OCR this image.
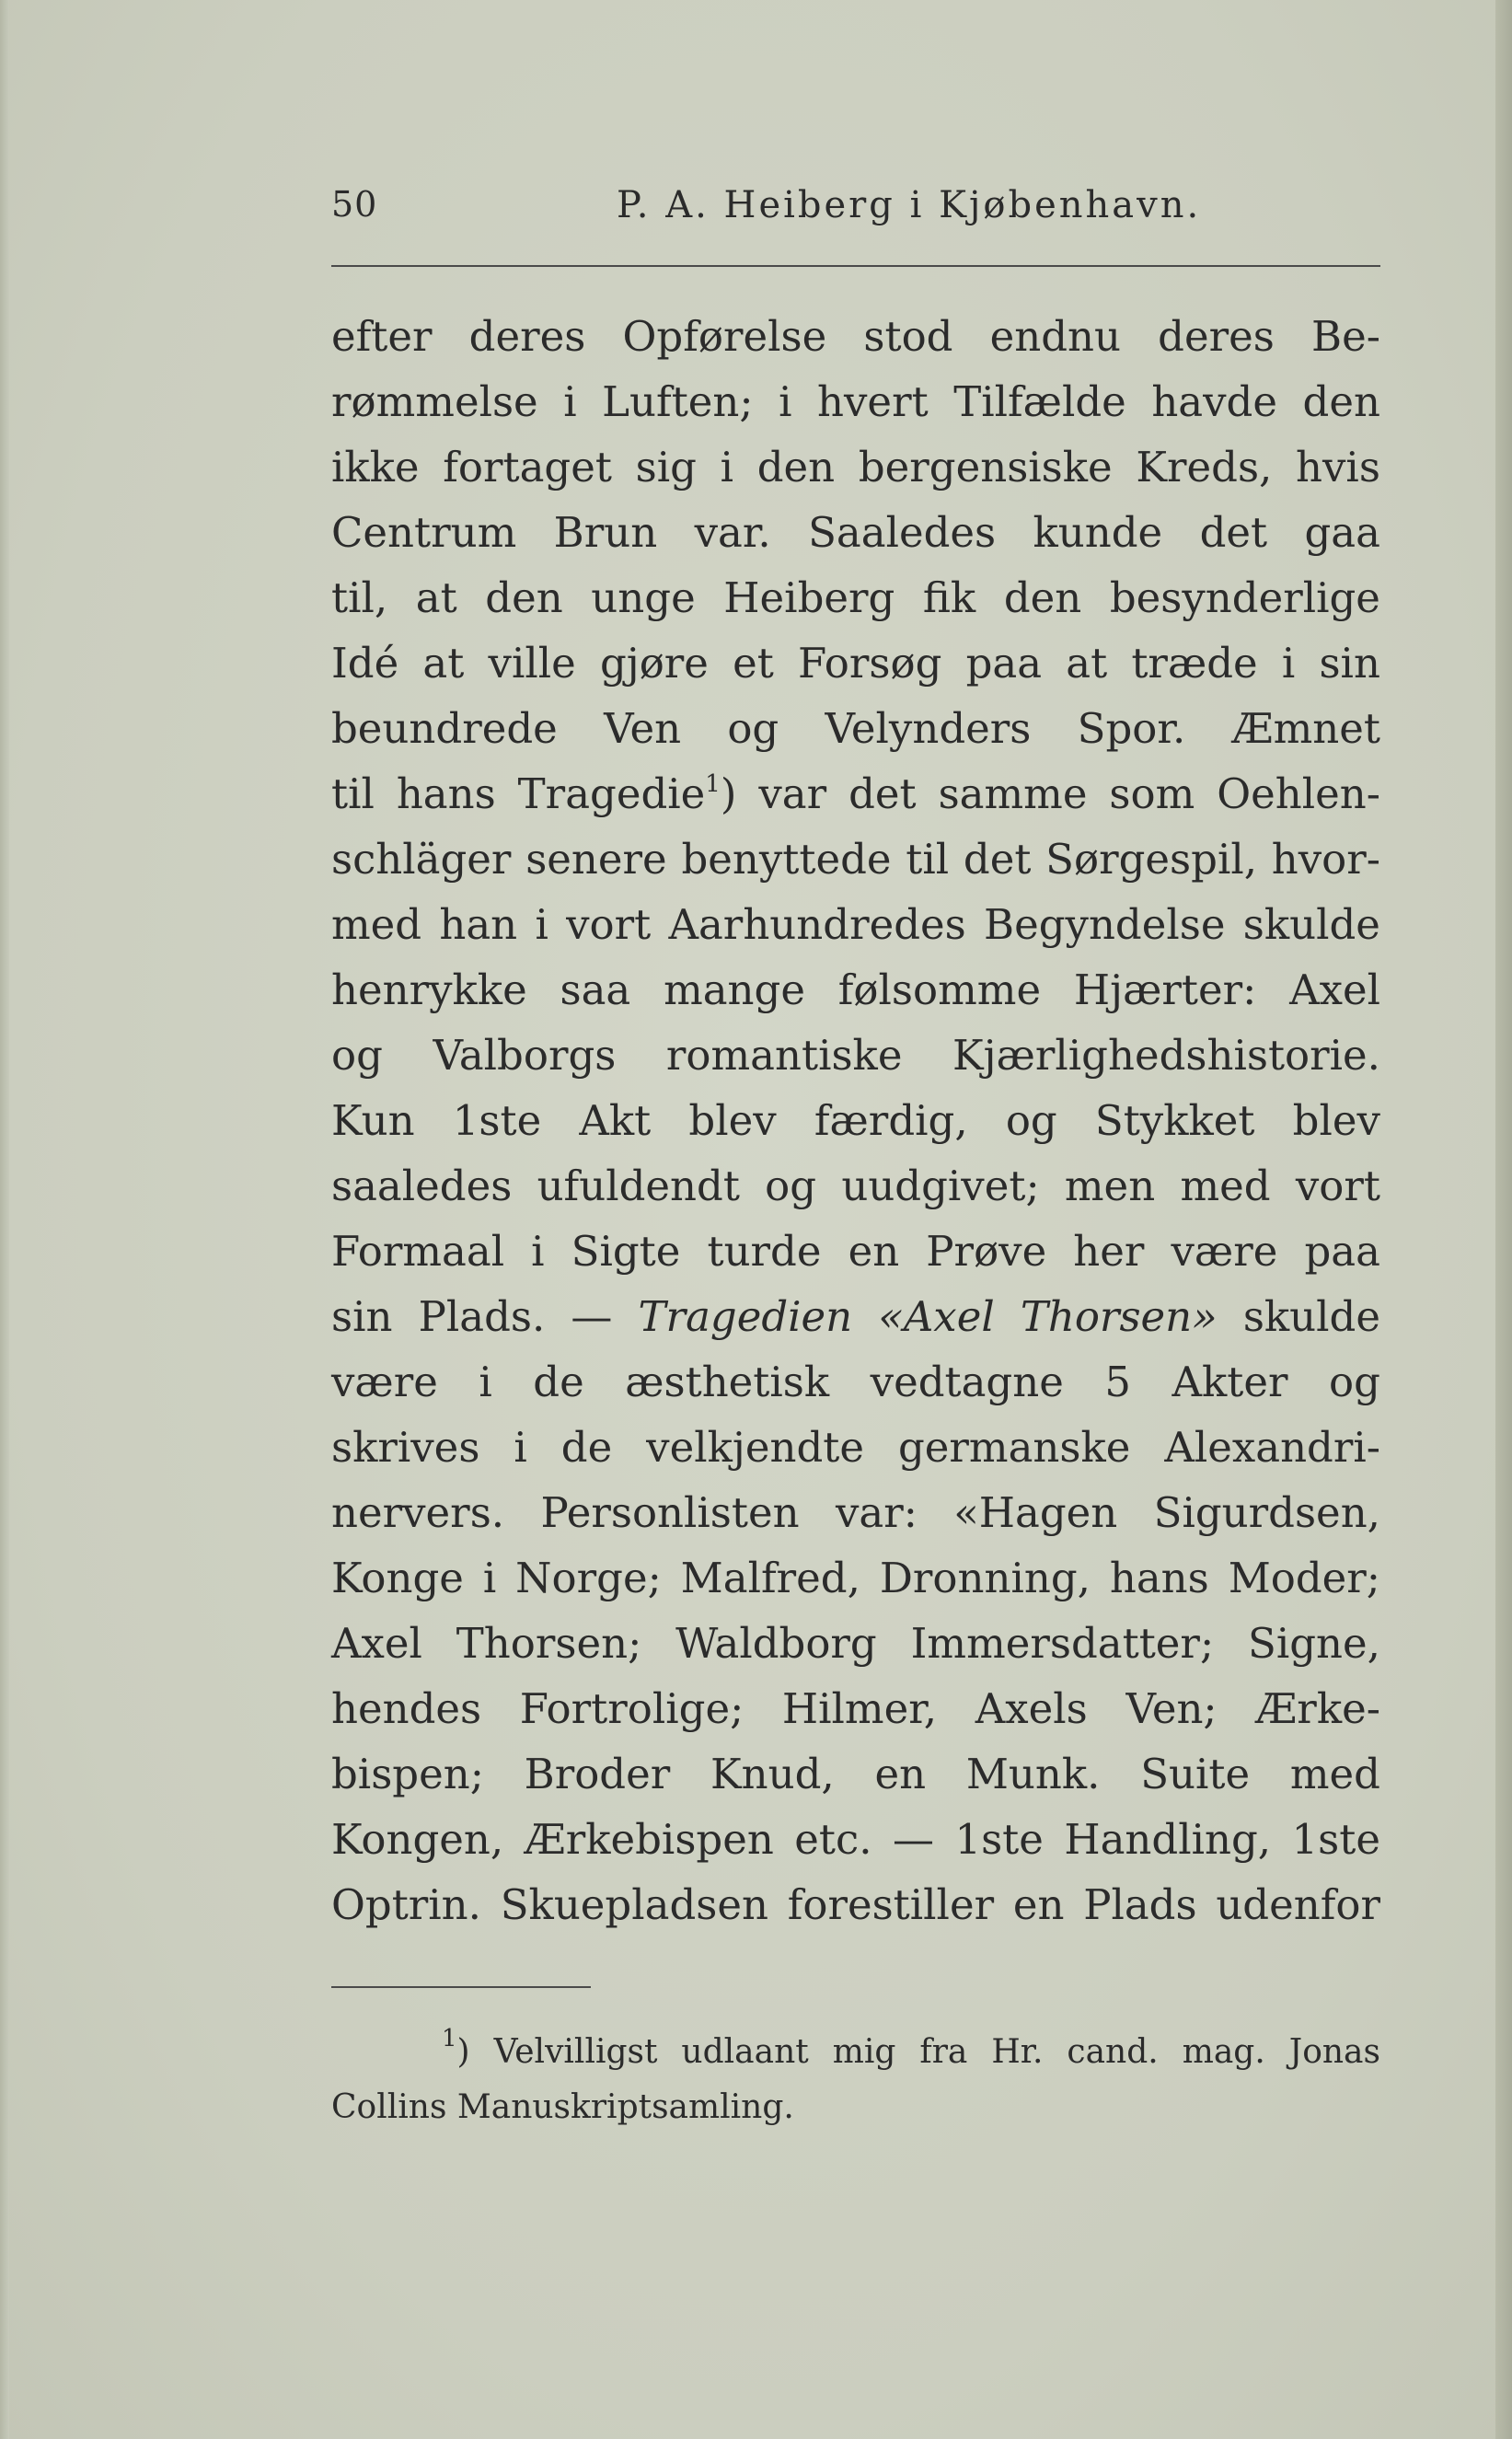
50	P. A. Heiberg i Kjøbenhavn.
efter deres Opførelse stod endnu deres Be-
rømmelse i Luften; i hvert Tilfælde havde den
ikke fortaget sig i den bergensiske Kreds, hvis
Centrum Brun var. Saaledes kunde det gaa
til, at den unge Heiberg fik den besynderlige
Idé at ville gjøre et Forsøg paa at træde i sin
beundrede Ven og Velynders Spor. Æmnet
til hans Tragedie$^1$) var det samme som Oehlen-
schläger senere benyttede til det Sørgespil, hvor-
med han i vort Aarhundredes Begyndelse skulde
henrykke saa mange følsomme Hjærter: Axel
og Valborgs romantiske Kjærlighedshistorie.
Kun 1ste Akt blev færdig, og Stykket blev
saaledes ufuldendt og uudgivet; men med vort
Formaal i Sigte turde en Prøve her være paa
sin Plads. — Tragedien «Axel Thorsen» skulde
være i de æsthetisk vedtagne 5 Akter og
skrives i de velkjendte germanske Alexandri-
nervers. Personlisten var: «Hagen Sigurdsen,
Konge i Norge; Malfred, Dronning, hans Moder;
Axel Thorsen; Waldborg Immersdatter; Signe,
hendes Fortrolige; Hilmer, Axels Ven; Ærke-
bispen; Broder Knud, en Munk. Suite med
Kongen, Ærkebispen etc. — 1ste Handling, 1ste
Optrin. Skuepladsen forestiller en Plads udenfor
$^1$) Velvilligst udlaant mig fra Hr. cand. mag. Jonas
Collins Manuskriptsamling.
